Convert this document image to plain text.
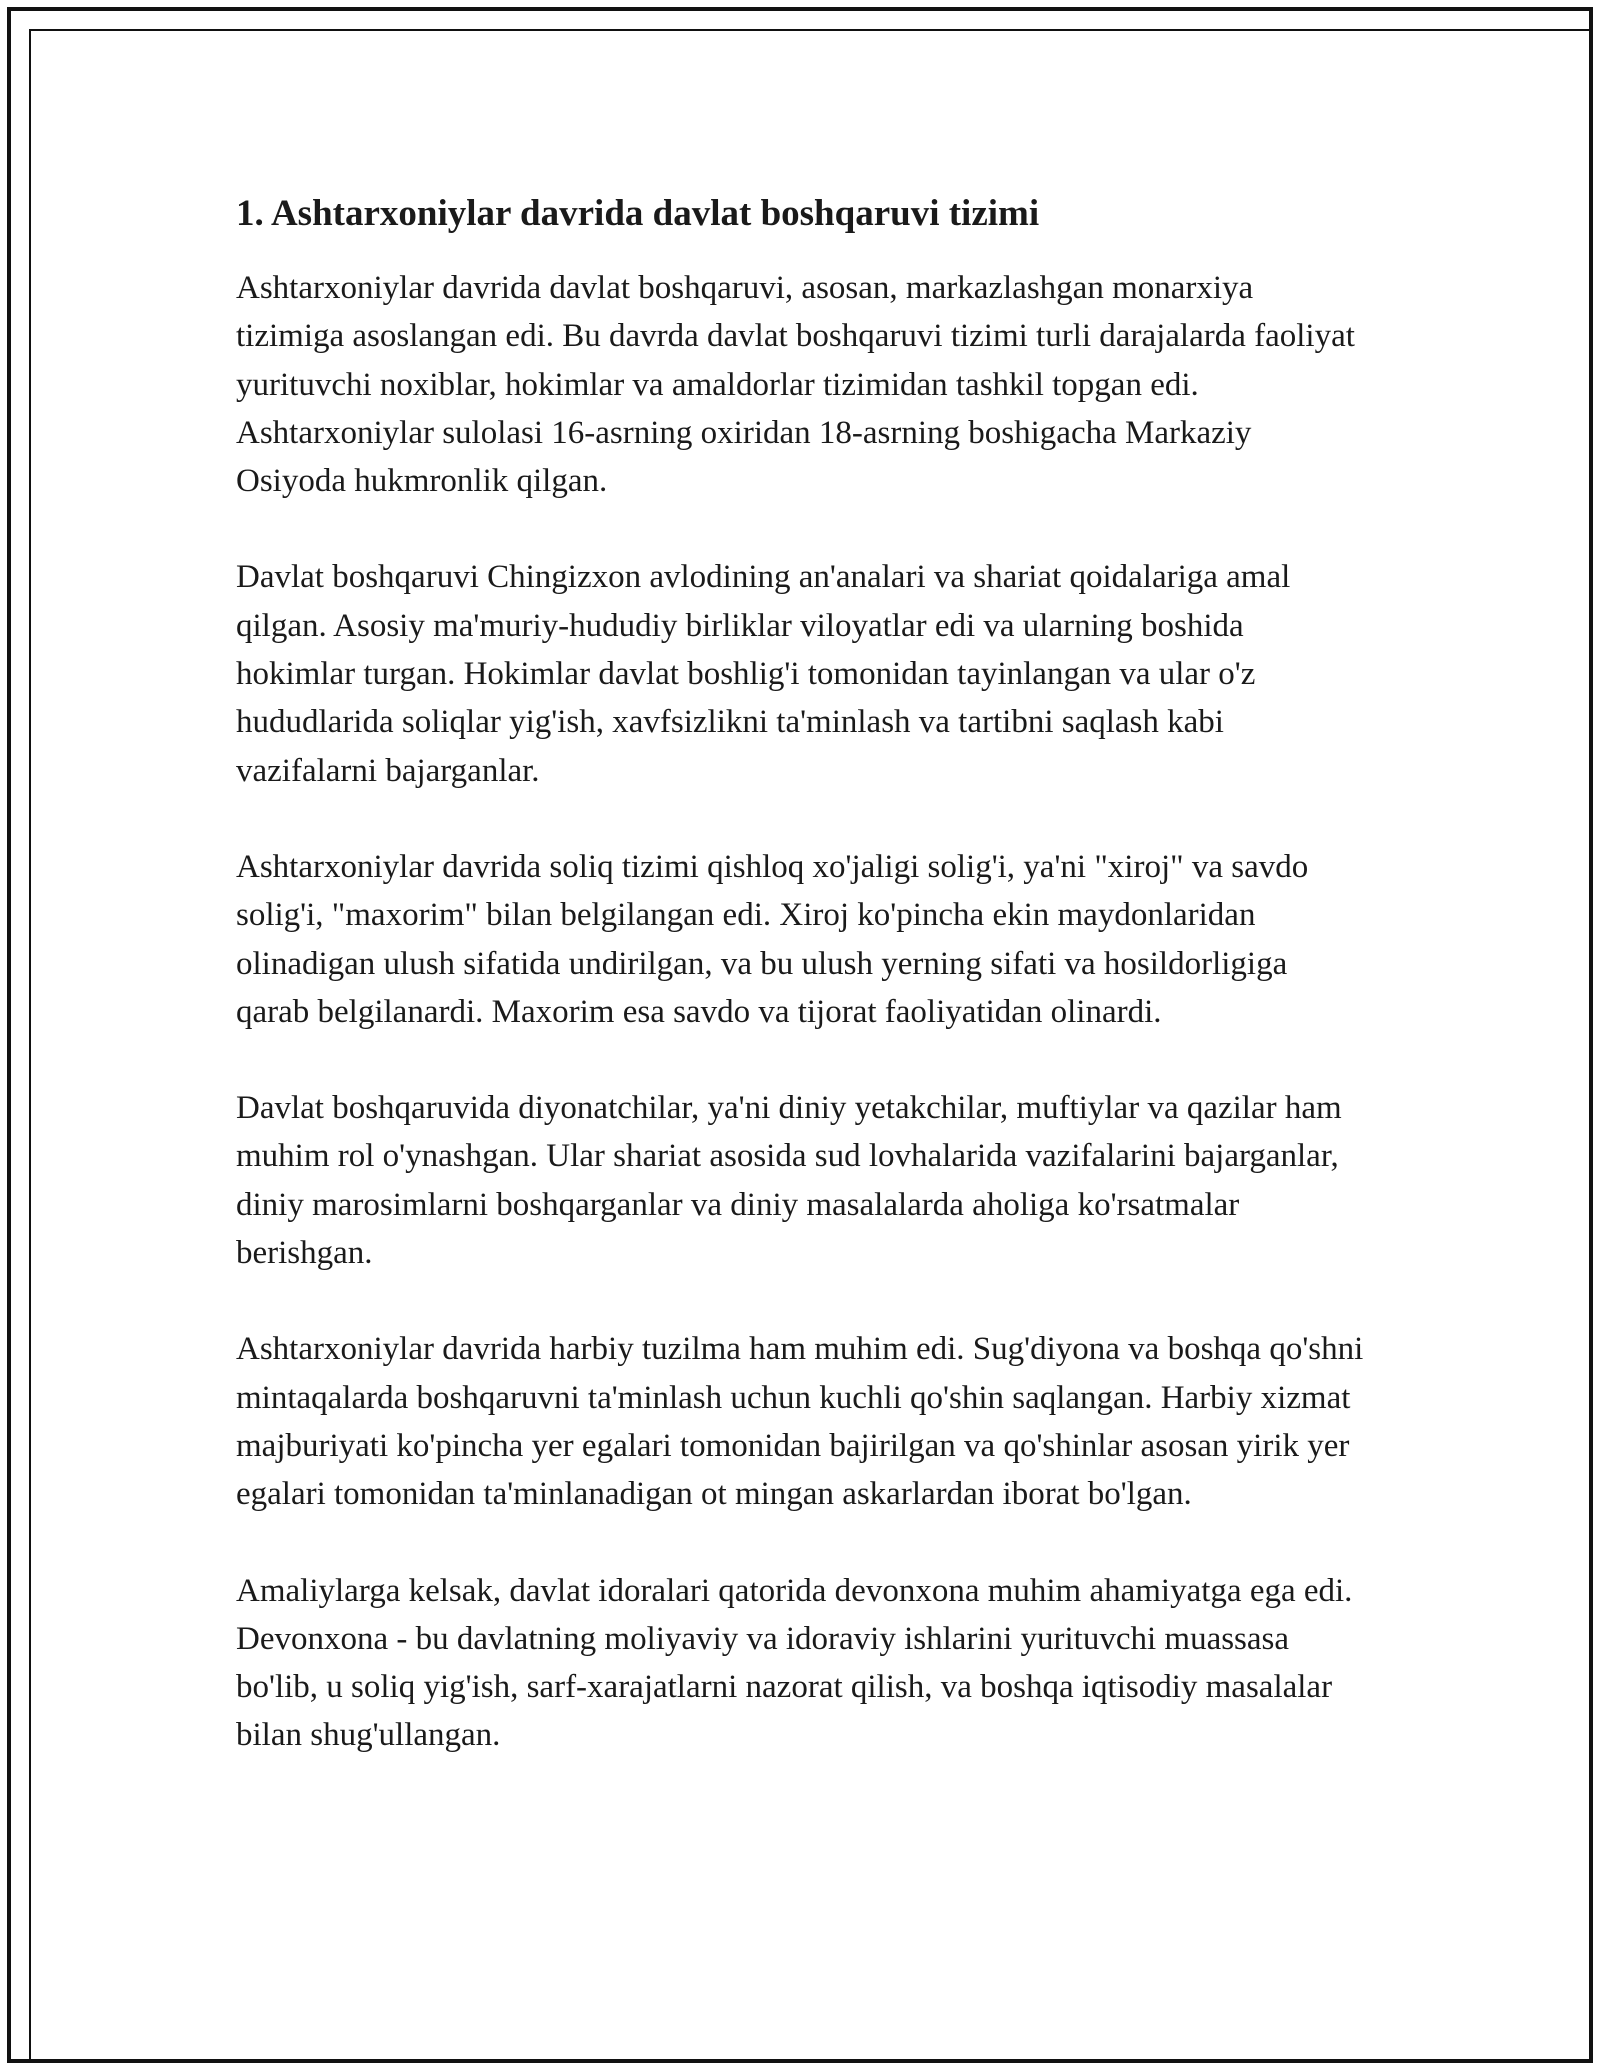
1. Ashtarxoniylar davrida davlat boshqaruvi tizimi

Ashtarxoniylar davrida davlat boshqaruvi, asosan, markazlashgan monarxiya tizimiga asoslangan edi. Bu davrda davlat boshqaruvi tizimi turli darajalarda faoliyat yurituvchi noxiblar, hokimlar va amaldorlar tizimidan tashkil topgan edi. Ashtarxoniylar sulolasi 16-asrning oxiridan 18-asrning boshigacha Markaziy Osiyoda hukmronlik qilgan.

Davlat boshqaruvi Chingizxon avlodining an'analari va shariat qoidalariga amal qilgan. Asosiy ma'muriy-hududiy birliklar viloyatlar edi va ularning boshida hokimlar turgan. Hokimlar davlat boshlig'i tomonidan tayinlangan va ular o'z hududlarida soliqlar yig'ish, xavfsizlikni ta'minlash va tartibni saqlash kabi vazifalarni bajarganlar.

Ashtarxoniylar davrida soliq tizimi qishloq xo'jaligi solig'i, ya'ni "xiroj" va savdo solig'i, "maxorim" bilan belgilangan edi. Xiroj ko'pincha ekin maydonlaridan olinadigan ulush sifatida undirilgan, va bu ulush yerning sifati va hosildorligiga qarab belgilanardi. Maxorim esa savdo va tijorat faoliyatidan olinardi.

Davlat boshqaruvida diyonatchilar, ya'ni diniy yetakchilar, muftiylar va qazilar ham muhim rol o'ynashgan. Ular shariat asosida sud lovhalarida vazifalarini bajarganlar, diniy marosimlarni boshqarganlar va diniy masalalarda aholiga ko'rsatmalar berishgan.

Ashtarxoniylar davrida harbiy tuzilma ham muhim edi. Sug'diyona va boshqa qo'shni mintaqalarda boshqaruvni ta'minlash uchun kuchli qo'shin saqlangan. Harbiy xizmat majburiyati ko'pincha yer egalari tomonidan bajirilgan va qo'shinlar asosan yirik yer egalari tomonidan ta'minlanadigan ot mingan askarlardan iborat bo'lgan.

Amaliylarga kelsak, davlat idoralari qatorida devonxona muhim ahamiyatga ega edi. Devonxona - bu davlatning moliyaviy va idoraviy ishlarini yurituvchi muassasa bo'lib, u soliq yig'ish, sarf-xarajatlarni nazorat qilish, va boshqa iqtisodiy masalalar bilan shug'ullangan.
